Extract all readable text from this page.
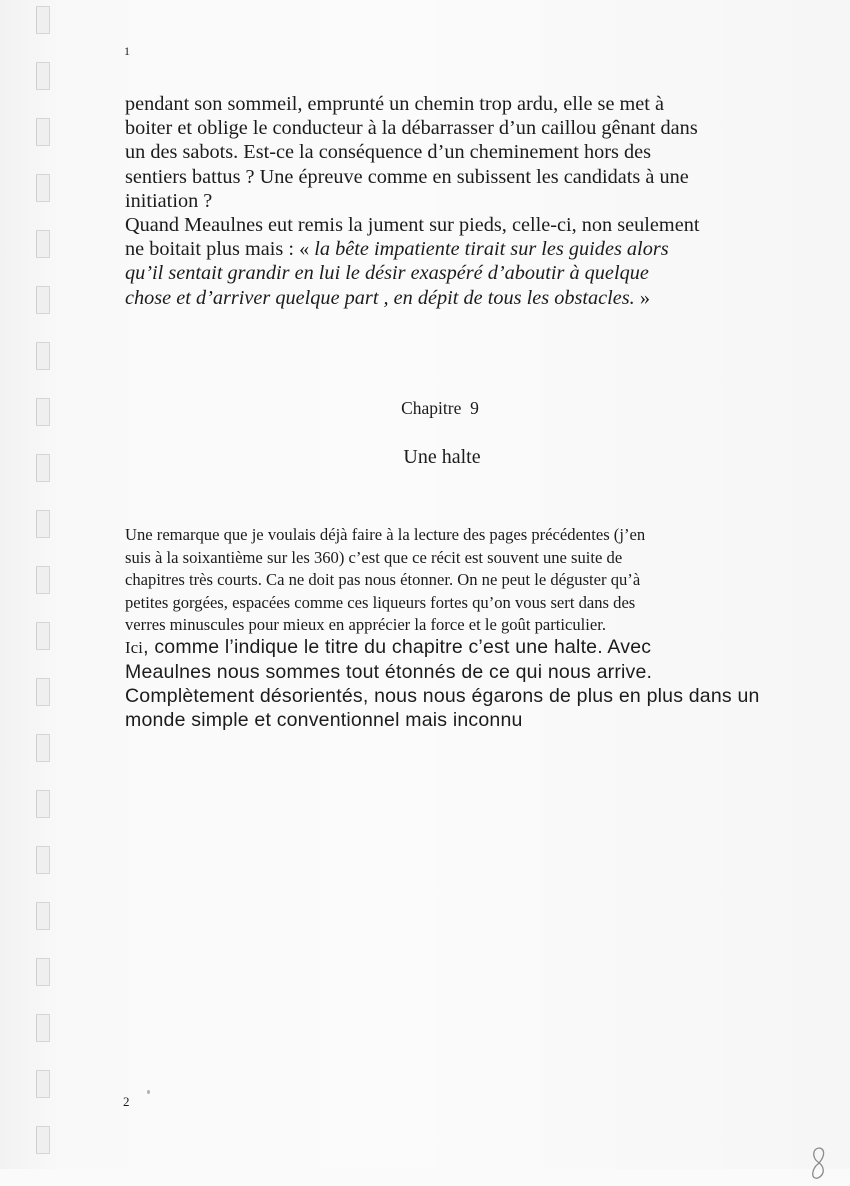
1

pendant son sommeil, emprunté un chemin trop ardu, elle se met à

boiter et oblige le conducteur à la débarrasser d’un caillou gênant dans

un des sabots. Est-ce la conséquence d’un cheminement hors des

sentiers battus ? Une épreuve comme en subissent les candidats à une

initiation ?

Quand Meaulnes eut remis la jument sur pieds, celle-ci, non seulement

ne boitait plus mais : « la bête impatiente tirait sur les guides alors

qu’il sentait grandir en lui le désir exaspéré d’aboutir à quelque

chose et d’arriver quelque part , en dépit de tous les obstacles. »

Chapitre  9
Une halte
Une remarque que je voulais déjà faire à la lecture des pages précédentes (j’en
suis à la soixantième sur les 360) c’est que ce récit est souvent une suite de
chapitres très courts. Ca ne doit pas nous étonner. On ne peut le déguster qu’à
petites gorgées, espacées comme ces liqueurs fortes qu’on vous sert dans des
verres minuscules pour mieux en apprécier la force et le goût particulier.
Ici, comme l’indique le titre du chapitre c’est une halte. Avec
Meaulnes nous sommes tout étonnés de ce qui nous arrive.
Complètement désorientés, nous nous égarons de plus en plus dans un
monde simple et conventionnel mais inconnu
2
